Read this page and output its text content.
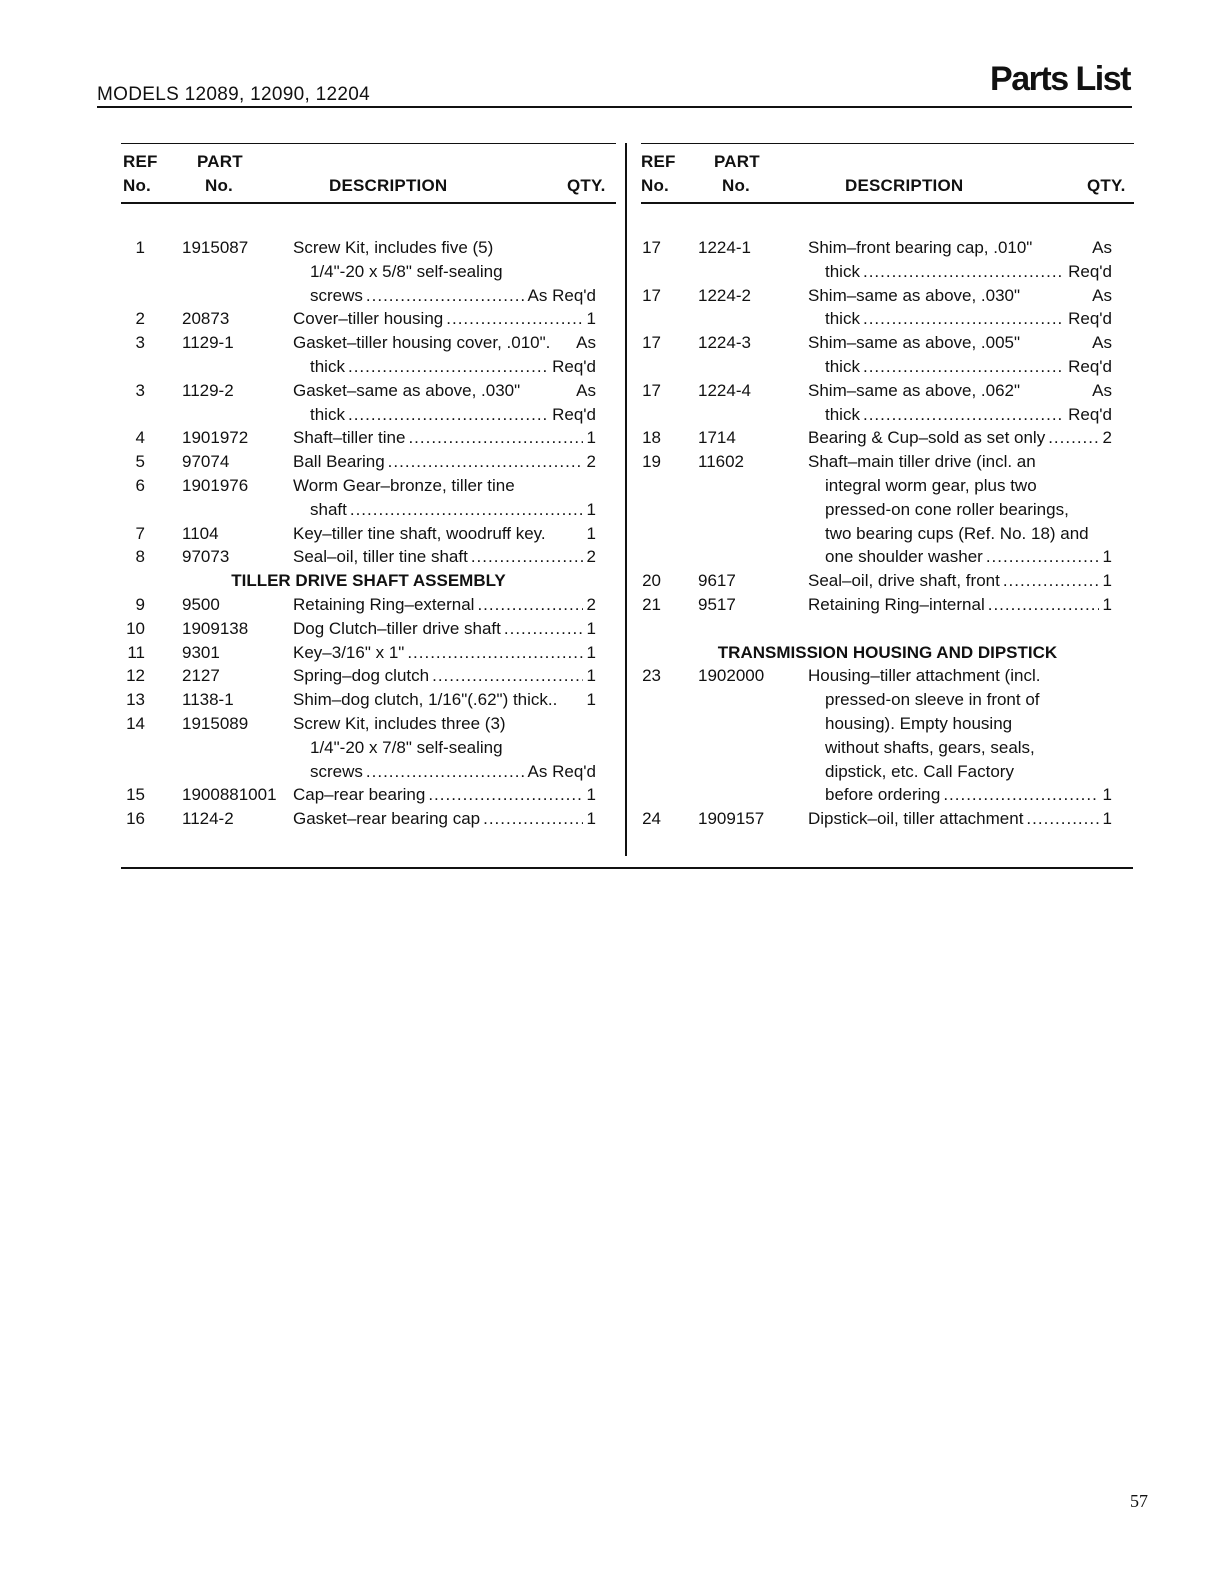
MODELS 12089, 12090, 12204	Parts List
REF
No.
PART
No.	DESCRIPTION	QTY.
1 1915087	Screw Kit, includes five (5)
1/4"-20 x 5/8" self-sealing
screws	As Req'd
.....
2 20873	Cover–tiller housing	1
.....
3 1129-1	Gasket–tiller housing cover, .010". As
thick	Req'd
.....
3 1129-2	Gasket–same as above, .030"	As
thick	Req'd
.....
4 1901972	Shaft–tiller tine	1
.....
5 97074	Ball Bearing	2
.....
6 1901976	Worm Gear–bronze, tiller tine
shaft	1
.....
7 1104	Key–tiller tine shaft, woodruff key. 1
8 97073	Seal–oil, tiller tine shaft	2
.....
TILLER DRIVE SHAFT ASSEMBLY
9 9500	Retaining Ring–external	2
.....
10 1909138	Dog Clutch–tiller drive shaft	1
.....
11 9301	Key–3/16" x 1"	1
.....
12 2127	Spring–dog clutch	1
.....
13 1138-1	Shim–dog clutch, 1/16"(.62") thick.. 1
14 1915089	Screw Kit, includes three (3)
1/4"-20 x 7/8" self-sealing
screws	As Req'd
.....
15 1900881001 Cap–rear bearing	1
.....
16 1124-2	Gasket–rear bearing cap	1
.....
REF
No.
PART
No.	DESCRIPTION	QTY.
17 1224-1	Shim–front bearing cap, .010"	As
thick	Req'd
.....
17 1224-2	Shim–same as above, .030"	As
thick	Req'd
.....
17 1224-3	Shim–same as above, .005"	As
thick	Req'd
.....
17 1224-4	Shim–same as above, .062"	As
thick	Req'd
.....
18 1714	Bearing & Cup–sold as set only	2
.....
19 11602	Shaft–main tiller drive (incl. an
integral worm gear, plus two
pressed-on cone roller bearings,
two bearing cups (Ref. No. 18) and
one shoulder washer	1
.....
20 9617	Seal–oil, drive shaft, front	1
.....
21 9517	Retaining Ring–internal	1
.....
TRANSMISSION HOUSING AND DIPSTICK
23 1902000	Housing–tiller attachment (incl.
pressed-on sleeve in front of
housing). Empty housing
without shafts, gears, seals,
dipstick, etc. Call Factory
before ordering	1
.....
24 1909157	Dipstick–oil, tiller attachment	1
.....
57
